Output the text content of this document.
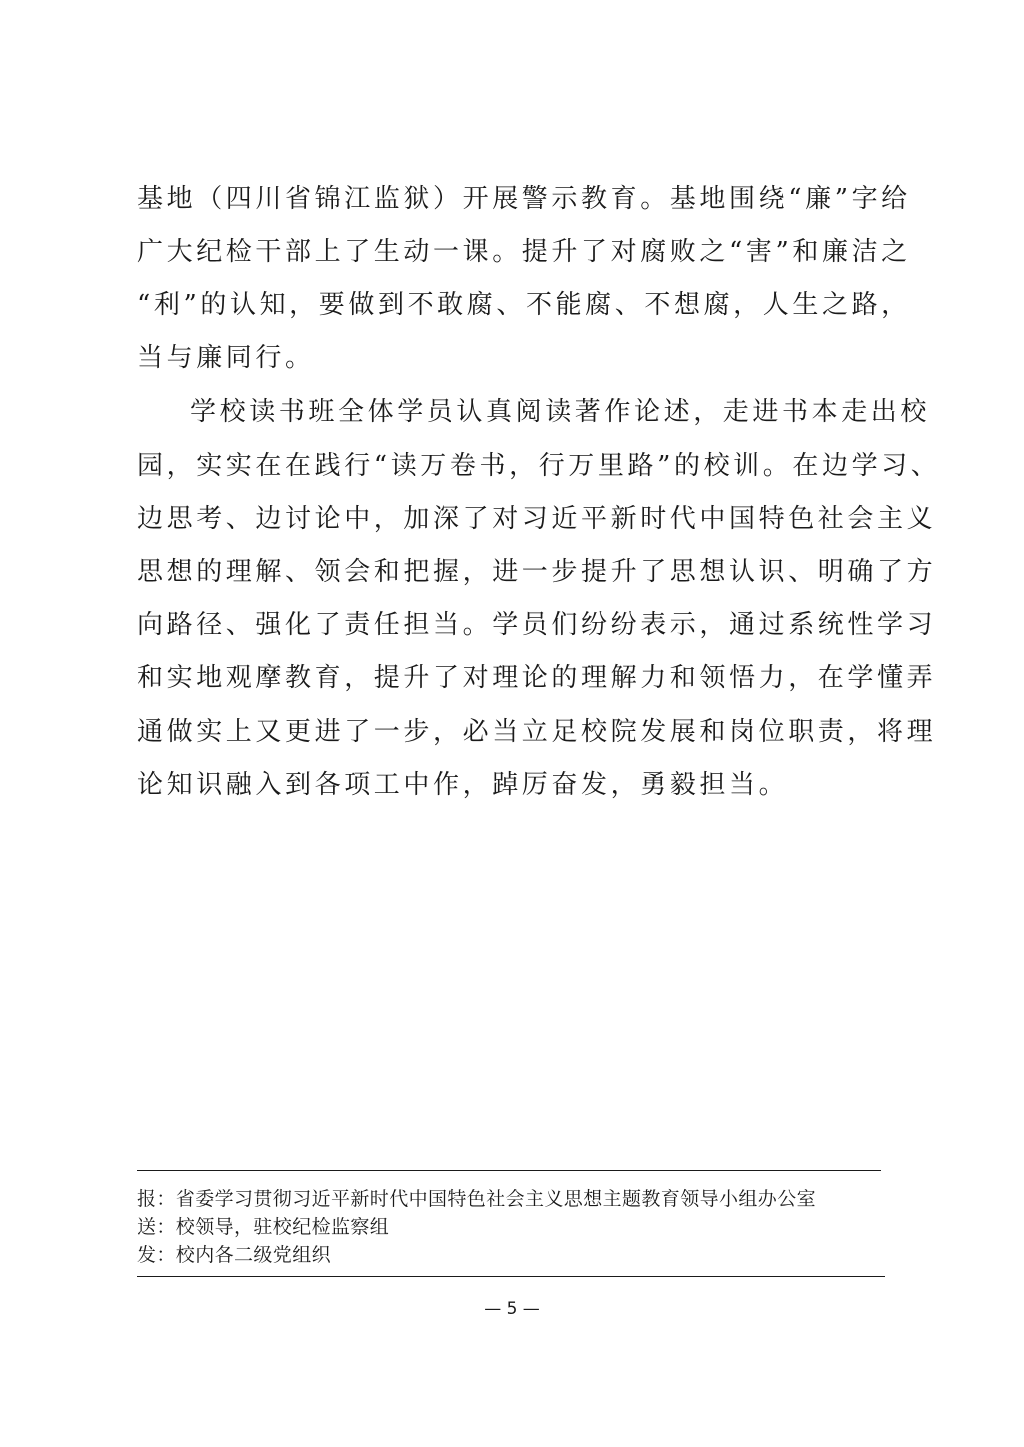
基地（四川省锦江监狱）开展警示教育。基地围绕“廉”字给
广大纪检干部上了生动一课。提升了对腐败之“害”和廉洁之
“利”的认知，要做到不敢腐、不能腐、不想腐，人生之路，
当与廉同行。
学校读书班全体学员认真阅读著作论述，走进书本走出校
园，实实在在践行“读万卷书，行万里路”的校训。在边学习、
边思考、边讨论中，加深了对习近平新时代中国特色社会主义
思想的理解、领会和把握，进一步提升了思想认识、明确了方
向路径、强化了责任担当。学员们纷纷表示，通过系统性学习
和实地观摩教育，提升了对理论的理解力和领悟力，在学懂弄
通做实上又更进了一步，必当立足校院发展和岗位职责，将理
论知识融入到各项工中作，踔厉奋发，勇毅担当。
报：省委学习贯彻习近平新时代中国特色社会主义思想主题教育领导小组办公室
送：校领导，驻校纪检监察组
发：校内各二级党组织
— 5 —
